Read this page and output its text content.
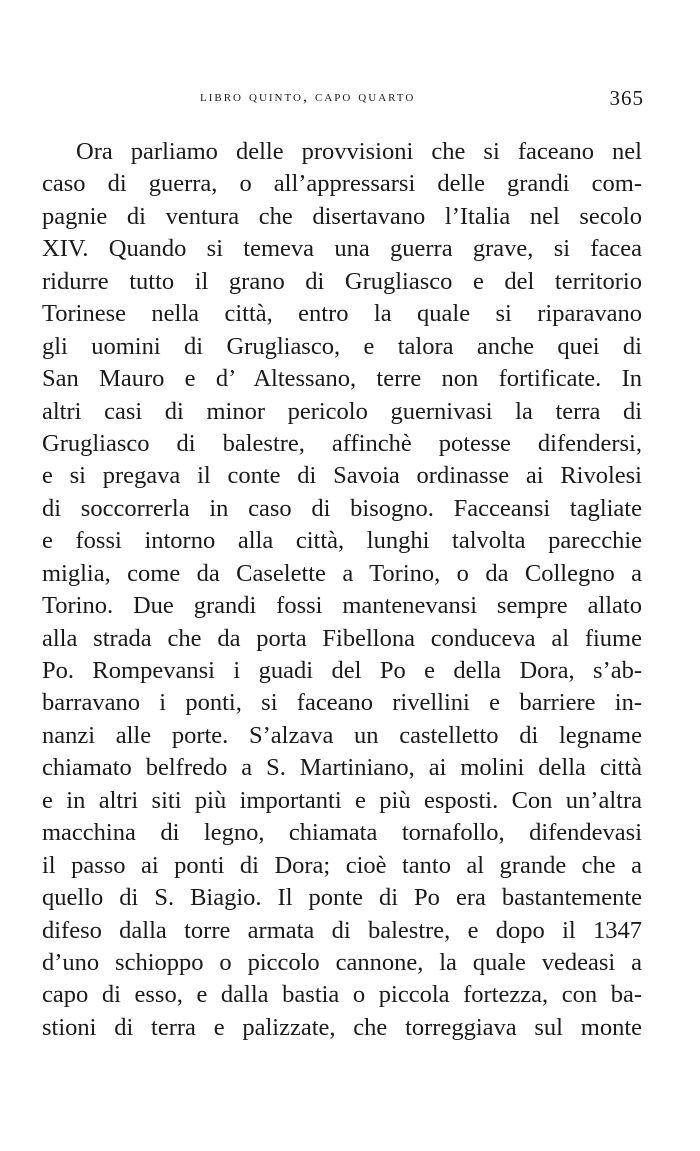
libro quinto, capo quarto	365
Ora parliamo delle provvisioni che si faceano nel
caso di guerra, o all’appressarsi delle grandi com-
pagnie di ventura che disertavano l’Italia nel secolo
XIV. Quando si temeva una guerra grave, si facea
ridurre tutto il grano di Grugliasco e del territorio
Torinese nella città, entro la quale si riparavano
gli uomini di Grugliasco, e talora anche quei di
San Mauro e d’ Altessano, terre non fortificate. In
altri casi di minor pericolo guernivasi la terra di
Grugliasco di balestre, affinchè potesse difendersi,
e si pregava il conte di Savoia ordinasse ai Rivolesi
di soccorrerla in caso di bisogno. Facceansi tagliate
e fossi intorno alla città, lunghi talvolta parecchie
miglia, come da Caselette a Torino, o da Collegno a
Torino. Due grandi fossi mantenevansi sempre allato
alla strada che da porta Fibellona conduceva al fiume
Po. Rompevansi i guadi del Po e della Dora, s’ab-
barravano i ponti, si faceano rivellini e barriere in-
nanzi alle porte. S’alzava un castelletto di legname
chiamato belfredo a S. Martiniano, ai molini della città
e in altri siti più importanti e più esposti. Con un’altra
macchina di legno, chiamata tornafollo, difendevasi
il passo ai ponti di Dora; cioè tanto al grande che a
quello di S. Biagio. Il ponte di Po era bastantemente
difeso dalla torre armata di balestre, e dopo il 1347
d’uno schioppo o piccolo cannone, la quale vedeasi a
capo di esso, e dalla bastia o piccola fortezza, con ba-
stioni di terra e palizzate, che torreggiava sul monte
